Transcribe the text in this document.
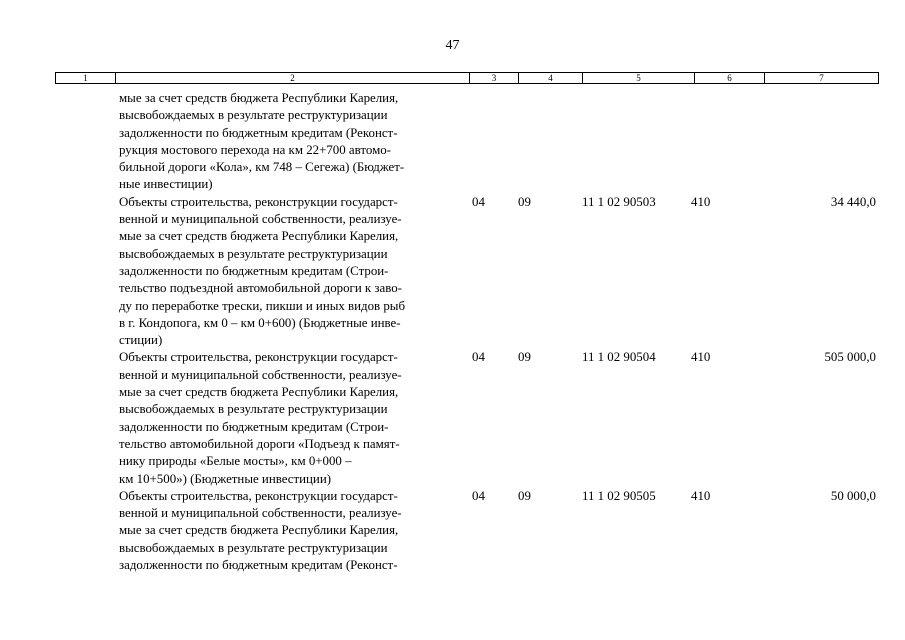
47
1	2	3	4	5	6	7
мые за счет средств бюджета Республики Карелия,
высвобождаемых в результате реструктуризации
задолженности по бюджетным кредитам (Реконст-
рукция мостового перехода на км 22+700 автомо-
бильной дороги «Кола», км 748 – Сегежа) (Бюджет-
ные инвестиции)
Объекты строительства, реконструкции государст-
венной и муниципальной собственности, реализуе-
мые за счет средств бюджета Республики Карелия,
высвобождаемых в результате реструктуризации
задолженности по бюджетным кредитам (Строи-
тельство подъездной автомобильной дороги к заво-
ду по переработке трески, пикши и иных видов рыб
в г. Кондопога, км 0 – км 0+600) (Бюджетные инве-
стиции)
04	09	11 1 02 90503	410	34 440,0
Объекты строительства, реконструкции государст-
венной и муниципальной собственности, реализуе-
мые за счет средств бюджета Республики Карелия,
высвобождаемых в результате реструктуризации
задолженности по бюджетным кредитам (Строи-
тельство автомобильной дороги «Подъезд к памят-
нику природы «Белые мосты», км 0+000 –
км 10+500») (Бюджетные инвестиции)
04	09	11 1 02 90504	410	505 000,0
Объекты строительства, реконструкции государст-
венной и муниципальной собственности, реализуе-
мые за счет средств бюджета Республики Карелия,
высвобождаемых в результате реструктуризации
задолженности по бюджетным кредитам (Реконст-
04	09	11 1 02 90505	410	50 000,0
